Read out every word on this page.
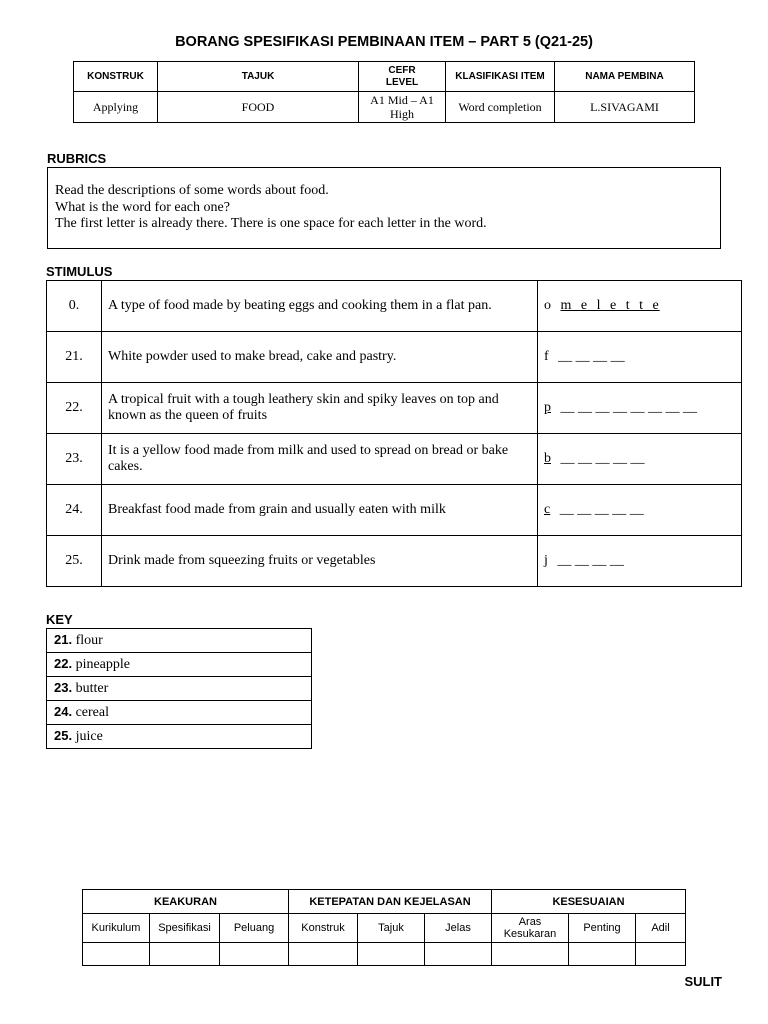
BORANG SPESIFIKASI PEMBINAAN ITEM – PART 5 (Q21-25)
KONSTRUK	TAJUK	CEFR LEVEL	KLASIFIKASI ITEM	NAMA PEMBINA
Applying	FOOD	A1 Mid – A1 High	Word completion	L.SIVAGAMI
RUBRICS
Read the descriptions of some words about food.
What is the word for each one?
The first letter is already there. There is one space for each letter in the word.
STIMULUS
0.	A type of food made by beating eggs and cooking them in a flat pan.	o m e l e t t e
21.	White powder used to make bread, cake and pastry.	f __ __ __ __
22.	A tropical fruit with a tough leathery skin and spiky leaves on top and known as the queen of fruits	p __ __ __ __ __ __ __ __
23.	It is a yellow food made from milk and used to spread on bread or bake cakes.	b __ __ __ __ __
24.	Breakfast food made from grain and usually eaten with milk	c __ __ __ __ __
25.	Drink made from squeezing fruits or vegetables	j __ __ __ __
KEY
21. flour
22. pineapple
23. butter
24. cereal
25. juice
KEAKURAN			KETEPATAN DAN KEJELASAN			KESESUAIAN		
Kurikulum	Spesifikasi	Peluang	Konstruk	Tajuk	Jelas	Aras Kesukaran	Penting	Adil

SULIT
